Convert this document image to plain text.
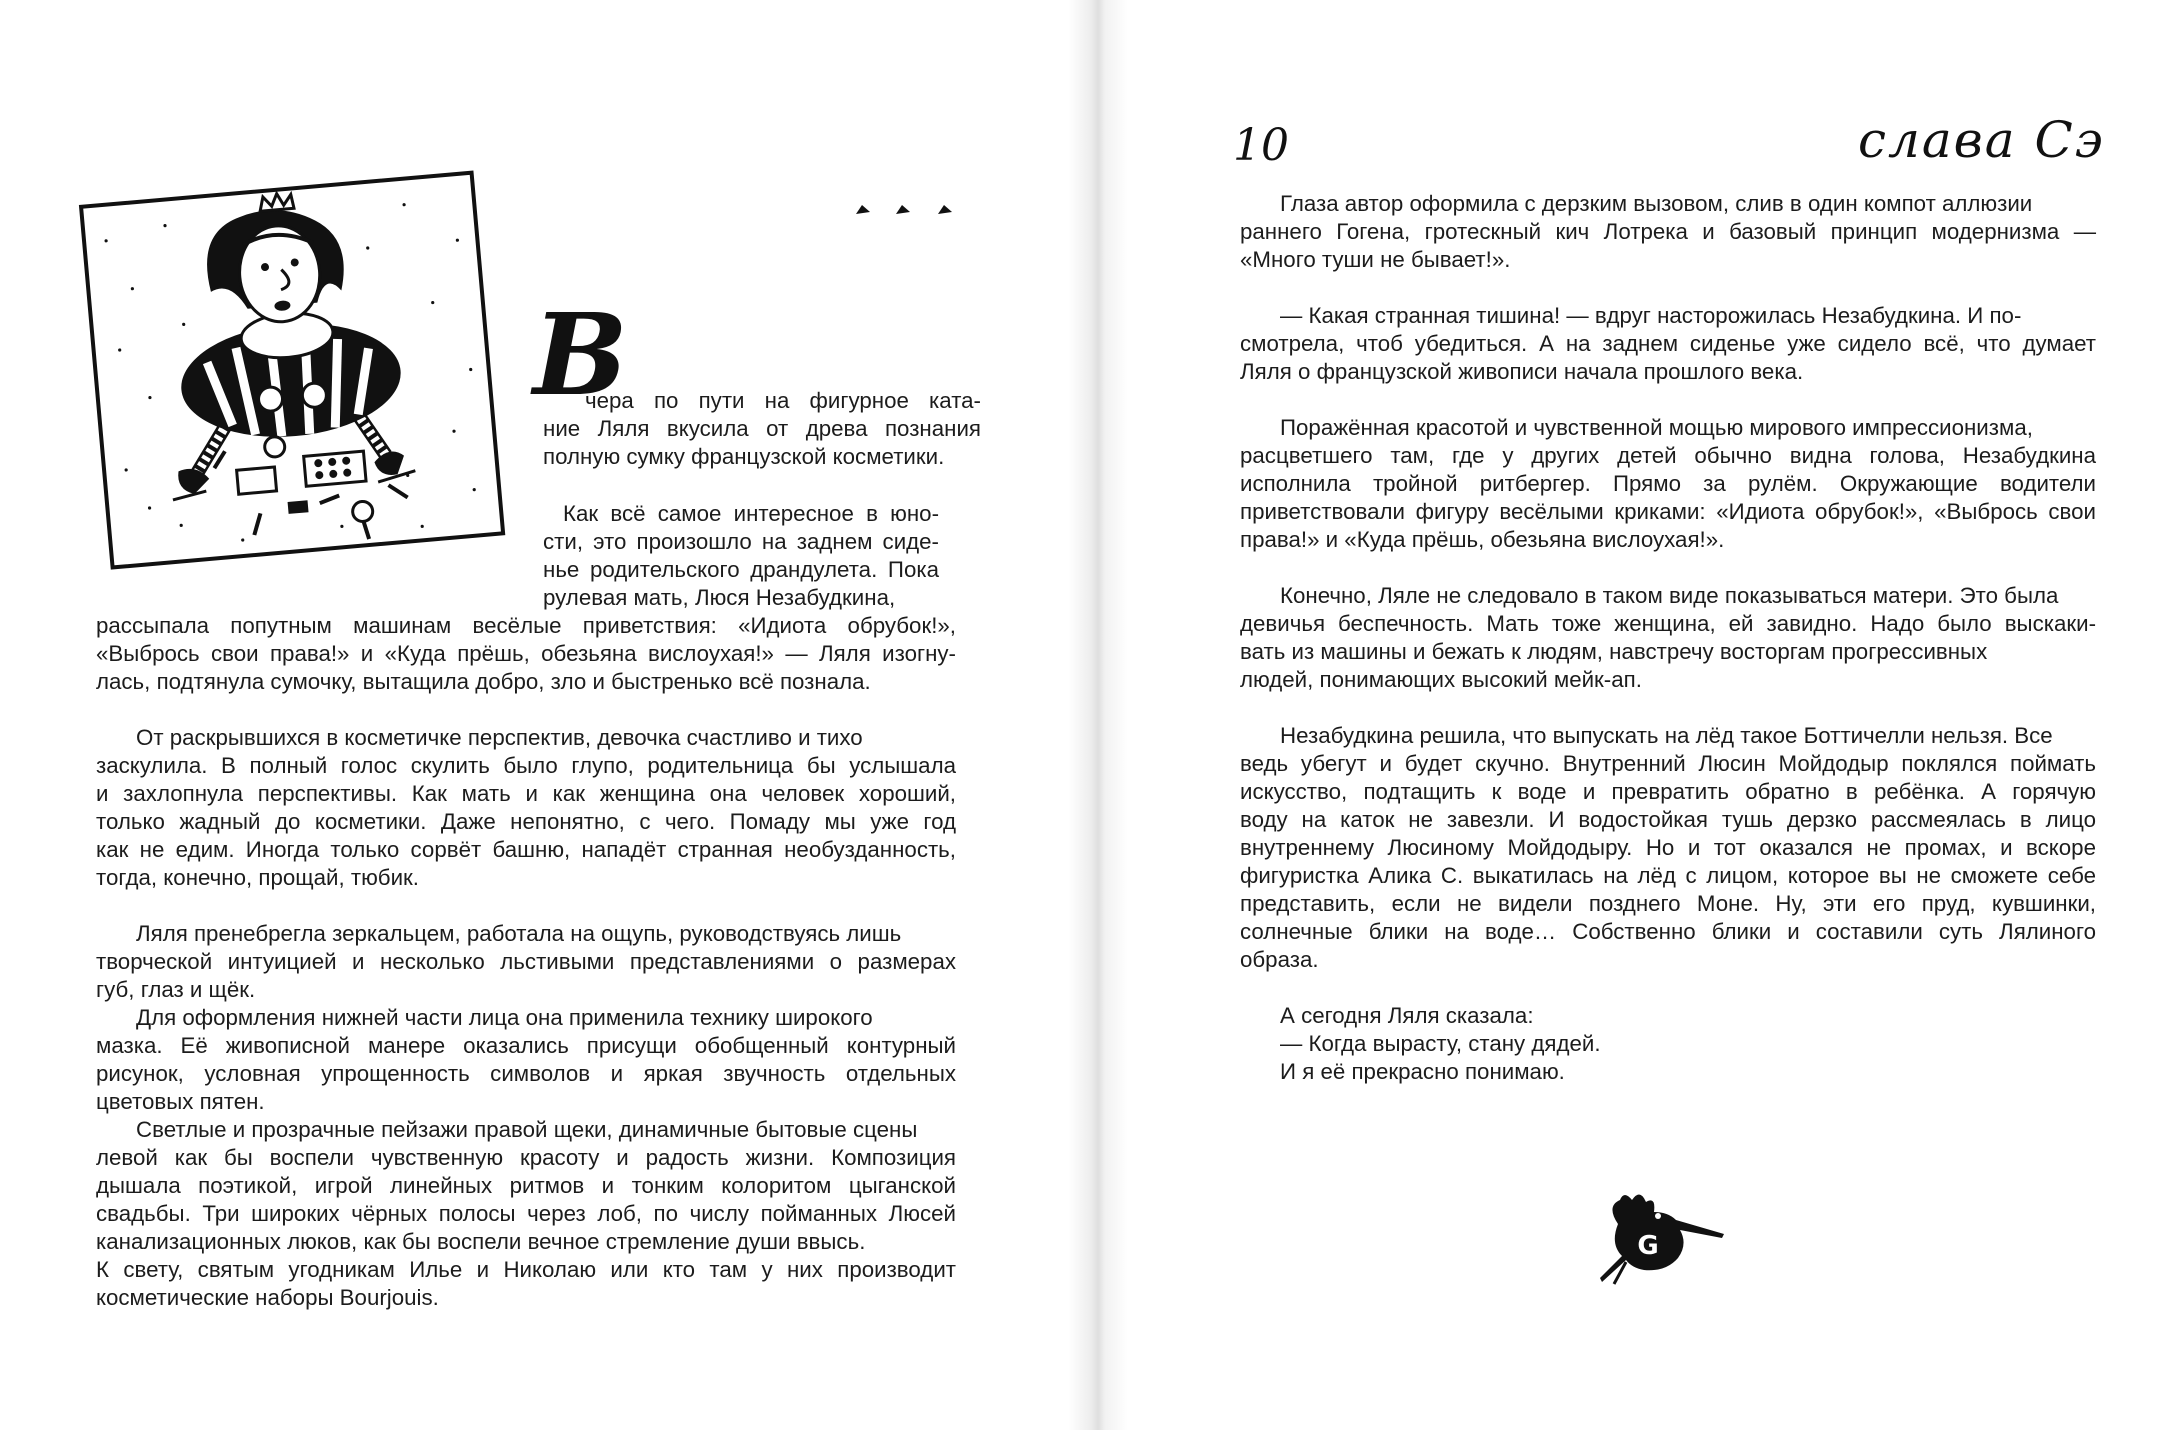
В
чера по пути на фигурное ката-
ние Ляля вкусила от древа познания
полную сумку французской косметики.
Как всё самое интересное в юно-
сти, это произошло на заднем сиде-
нье родительского драндулета. Пока
рулевая мать, Люся Незабудкина,
рассыпала попутным машинам весёлые приветствия: «Идиота обрубок!»,
«Выбрось свои права!» и «Куда прёшь, обезьяна вислоухая!» — Ляля изогну-
лась, подтянула сумочку, вытащила добро, зло и быстренько всё познала.
От раскрывшихся в косметичке перспектив, девочка счастливо и тихо
заскулила. В полный голос скулить было глупо, родительница бы услышала
и захлопнула перспективы. Как мать и как женщина она человек хороший,
только жадный до косметики. Даже непонятно, с чего. Помаду мы уже год
как не едим. Иногда только сорвёт башню, нападёт странная необузданность,
тогда, конечно, прощай, тюбик.
Ляля пренебрегла зеркальцем, работала на ощупь, руководствуясь лишь
творческой интуицией и несколько льстивыми представлениями о размерах
губ, глаз и щёк.
Для оформления нижней части лица она применила технику широкого
мазка. Её живописной манере оказались присущи обобщенный контурный
рисунок, условная упрощенность символов и яркая звучность отдельных
цветовых пятен.
Светлые и прозрачные пейзажи правой щеки, динамичные бытовые сцены
левой как бы воспели чувственную красоту и радость жизни. Композиция
дышала поэтикой, игрой линейных ритмов и тонким колоритом цыганской
свадьбы. Три широких чёрных полосы через лоб, по числу пойманных Люсей
канализационных люков, как бы воспели вечное стремление души ввысь.
К свету, святым угодникам Илье и Николаю или кто там у них производит
косметические наборы Bourjouis.
10	слава Сэ
Глаза автор оформила с дерзким вызовом, слив в один компот аллюзии
раннего Гогена, гротескный кич Лотрека и базовый принцип модернизма —
«Много туши не бывает!».
— Какая странная тишина! — вдруг насторожилась Незабудкина. И по-
смотрела, чтоб убедиться. А на заднем сиденье уже сидело всё, что думает
Ляля о французской живописи начала прошлого века.
Поражённая красотой и чувственной мощью мирового импрессионизма,
расцветшего там, где у других детей обычно видна голова, Незабудкина
исполнила тройной ритбергер. Прямо за рулём. Окружающие водители
приветствовали фигуру весёлыми криками: «Идиота обрубок!», «Выбрось свои
права!» и «Куда прёшь, обезьяна вислоухая!».
Конечно, Ляле не следовало в таком виде показываться матери. Это была
девичья беспечность. Мать тоже женщина, ей завидно. Надо было выскаки-
вать из машины и бежать к людям, навстречу восторгам прогрессивных
людей, понимающих высокий мейк-ап.
Незабудкина решила, что выпускать на лёд такое Боттичелли нельзя. Все
ведь убегут и будет скучно. Внутренний Люсин Мойдодыр поклялся поймать
искусство, подтащить к воде и превратить обратно в ребёнка. А горячую
воду на каток не завезли. И водостойкая тушь дерзко рассмеялась в лицо
внутреннему Люсиному Мойдодыру. Но и тот оказался не промах, и вскоре
фигуристка Алика С. выкатилась на лёд с лицом, которое вы не сможете себе
представить, если не видели позднего Моне. Ну, эти его пруд, кувшинки,
солнечные блики на воде… Собственно блики и составили суть Лялиного
образа.
А сегодня Ляля сказала:
— Когда вырасту, стану дядей.
И я её прекрасно понимаю.
G
